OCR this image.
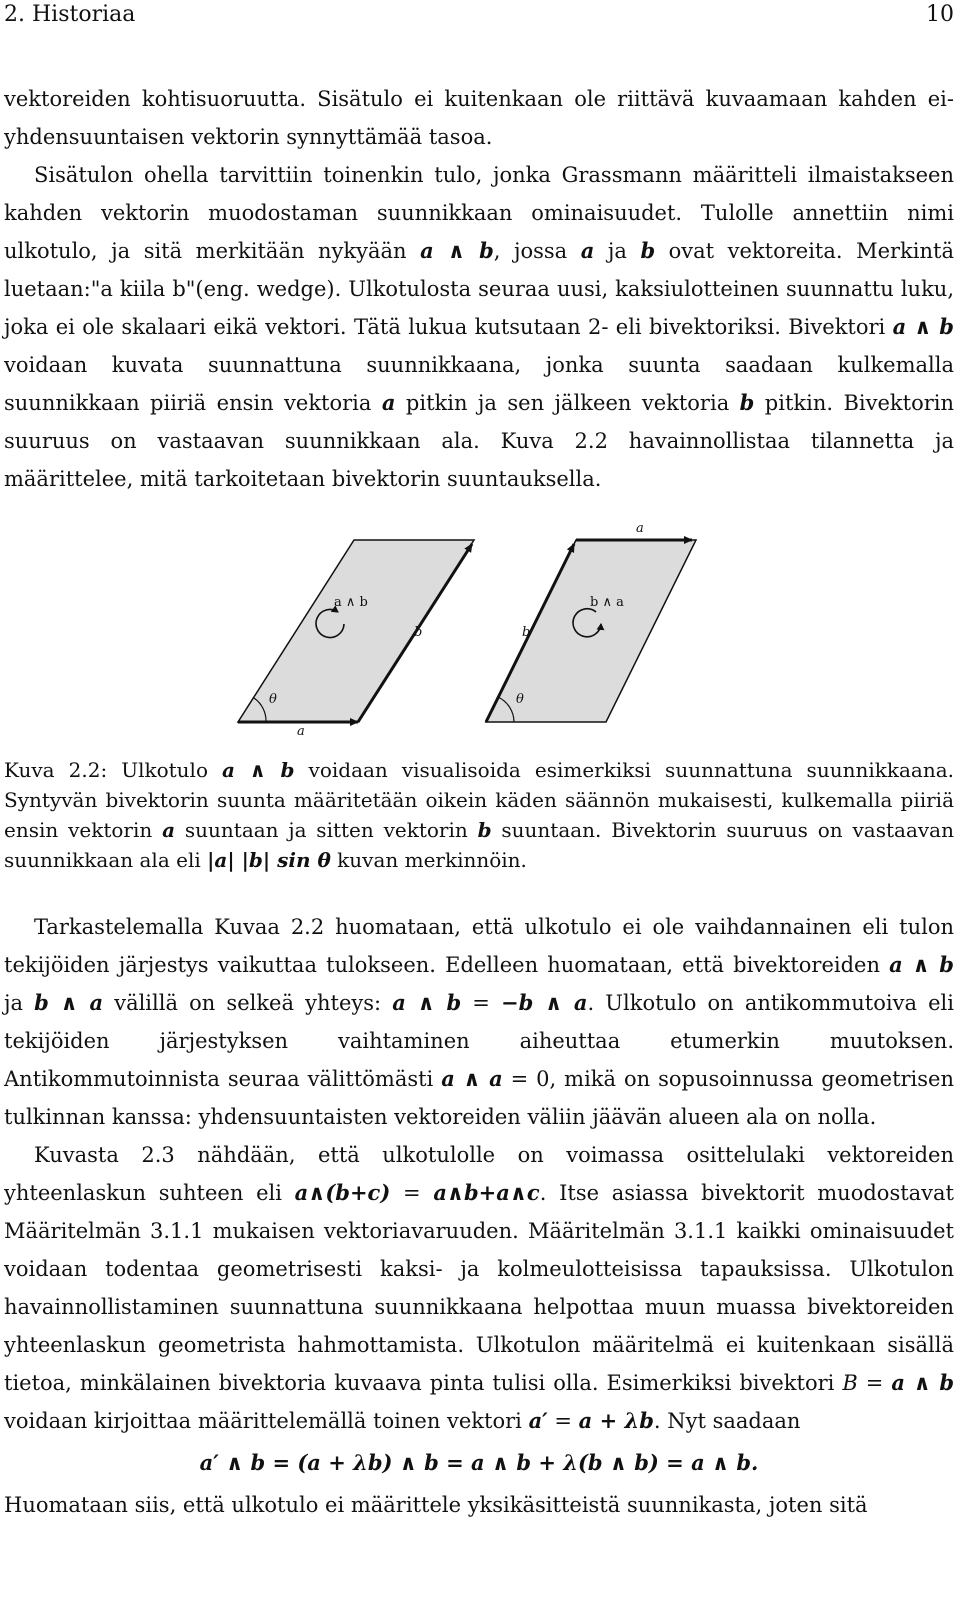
2. Historiaa	10

vektoreiden kohtisuoruutta. Sisätulo ei kuitenkaan ole riittävä kuvaamaan kahden ei-yhdensuuntaisen vektorin synnyttämää tasoa.

Sisätulon ohella tarvittiin toinenkin tulo, jonka Grassmann määritteli ilmaistakseen kahden vektorin muodostaman suunnikkaan ominaisuudet. Tulolle annettiin nimi ulkotulo, ja sitä merkitään nykyään a ∧ b, jossa a ja b ovat vektoreita. Merkintä luetaan:"a kiila b"(eng. wedge). Ulkotulosta seuraa uusi, kaksiulotteinen suunnattu luku, joka ei ole skalaari eikä vektori. Tätä lukua kutsutaan 2- eli bivektoriksi. Bivektori a ∧ b voidaan kuvata suunnattuna suunnikkaana, jonka suunta saadaan kulkemalla suunnikkaan piiriä ensin vektoria a pitkin ja sen jälkeen vektoria b pitkin. Bivektorin suuruus on vastaavan suunnikkaan ala. Kuva 2.2 havainnollistaa tilannetta ja määrittelee, mitä tarkoitetaan bivektorin suuntauksella.

a ∧ b
b
a
θ
b ∧ a
b
a
θ

Kuva 2.2: Ulkotulo a ∧ b voidaan visualisoida esimerkiksi suunnattuna suunnikkaana. Syntyvän bivektorin suunta määritetään oikein käden säännön mukaisesti, kulkemalla piiriä ensin vektorin a suuntaan ja sitten vektorin b suuntaan. Bivektorin suuruus on vastaavan suunnikkaan ala eli |a| |b| sin θ kuvan merkinnöin.

Tarkastelemalla Kuvaa 2.2 huomataan, että ulkotulo ei ole vaihdannainen eli tulon tekijöiden järjestys vaikuttaa tulokseen. Edelleen huomataan, että bivektoreiden a ∧ b ja b ∧ a välillä on selkeä yhteys: a ∧ b = −b ∧ a. Ulkotulo on antikommutoiva eli tekijöiden järjestyksen vaihtaminen aiheuttaa etumerkin muutoksen. Antikommutoinnista seuraa välittömästi a ∧ a = 0, mikä on sopusoinnussa geometrisen tulkinnan kanssa: yhdensuuntaisten vektoreiden väliin jäävän alueen ala on nolla.

Kuvasta 2.3 nähdään, että ulkotulolle on voimassa osittelulaki vektoreiden yhteenlaskun suhteen eli a∧(b+c) = a∧b+a∧c. Itse asiassa bivektorit muodostavat Määritelmän 3.1.1 mukaisen vektoriavaruuden. Määritelmän 3.1.1 kaikki ominaisuudet voidaan todentaa geometrisesti kaksi- ja kolmeulotteisissa tapauksissa. Ulkotulon havainnollistaminen suunnattuna suunnikkaana helpottaa muun muassa bivektoreiden yhteenlaskun geometrista hahmottamista. Ulkotulon määritelmä ei kuitenkaan sisällä tietoa, minkälainen bivektoria kuvaava pinta tulisi olla. Esimerkiksi bivektori B = a ∧ b voidaan kirjoittaa määrittelemällä toinen vektori a′ = a + λb. Nyt saadaan

a′ ∧ b = (a + λb) ∧ b = a ∧ b + λ(b ∧ b) = a ∧ b.

Huomataan siis, että ulkotulo ei määrittele yksikäsitteistä suunnikasta, joten sitä
